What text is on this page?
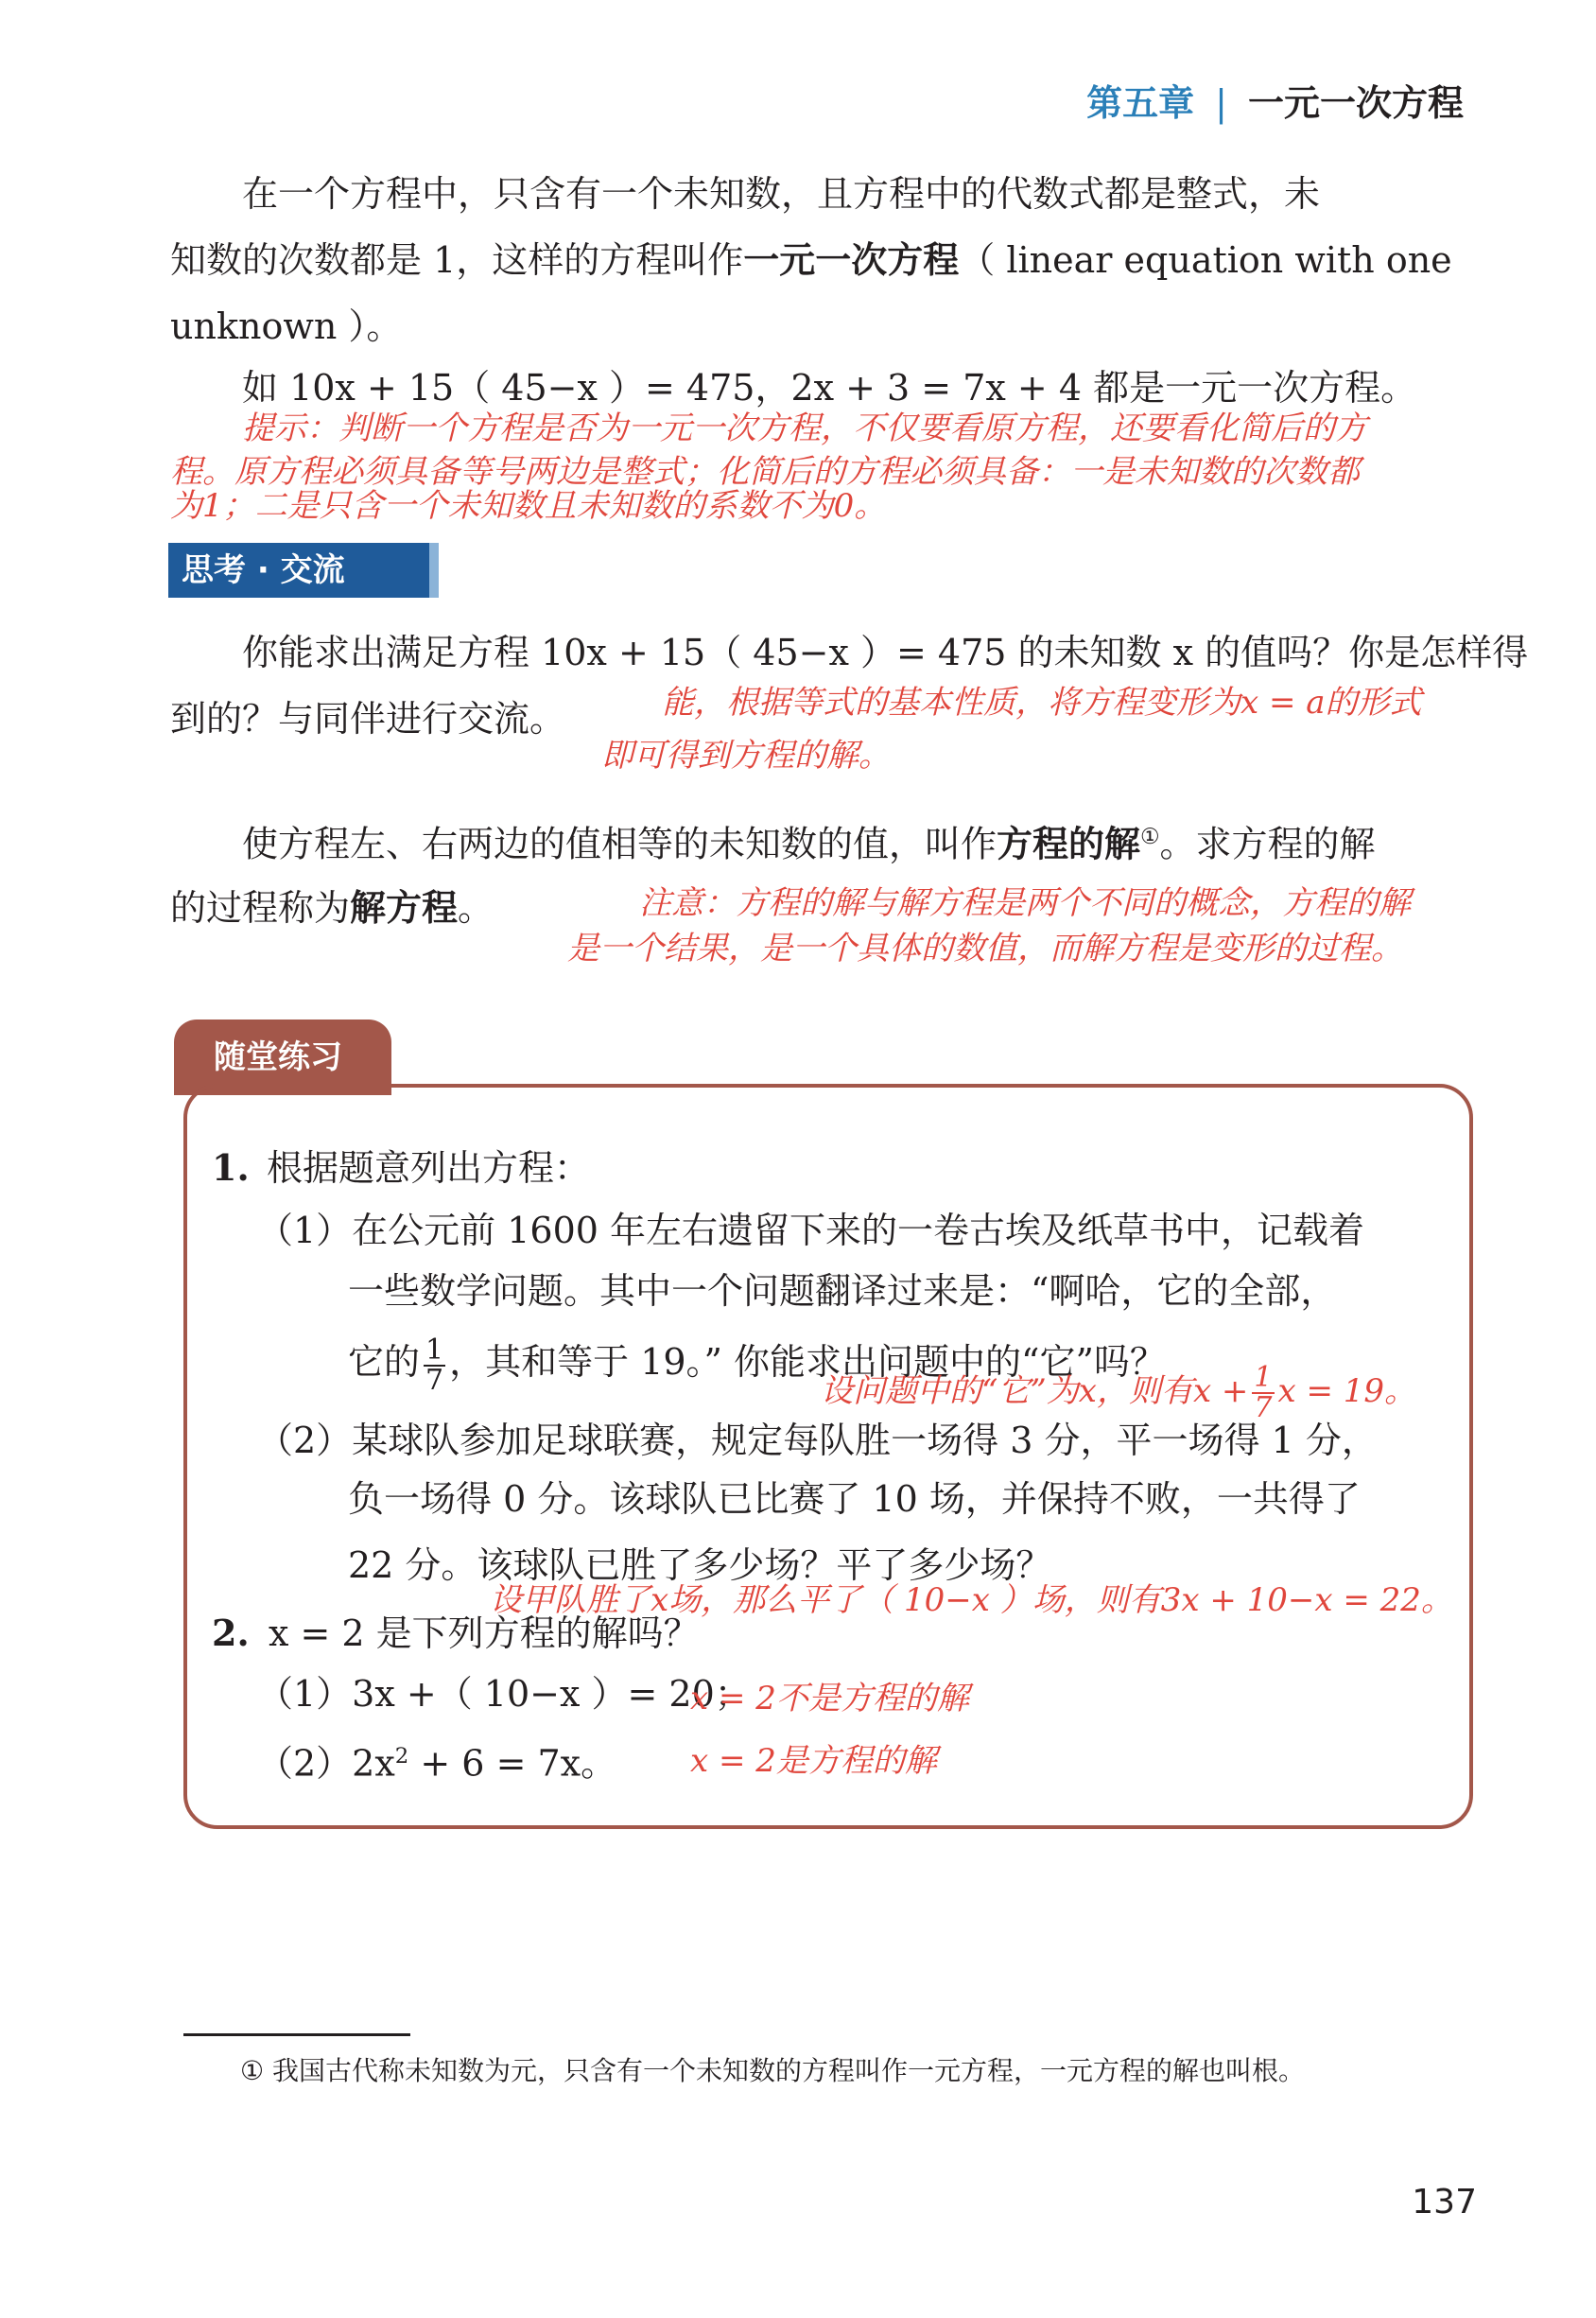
第五章 | 一元一次方程
在一个方程中，只含有一个未知数，且方程中的代数式都是整式，未
知数的次数都是 1，这样的方程叫作一元一次方程（ linear equation with one
unknown ）。
如 10x + 15（ 45−x ）= 475，2x + 3 = 7x + 4 都是一元一次方程。
提示：判断一个方程是否为一元一次方程，不仅要看原方程，还要看化简后的方
程。原方程必须具备等号两边是整式；化简后的方程必须具备：一是未知数的次数都
为1；二是只含一个未知数且未知数的系数不为0。
思考 · 交流
你能求出满足方程 10x + 15（ 45−x ）= 475 的未知数 x 的值吗？你是怎样得
到的？与同伴进行交流。	能，根据等式的基本性质，将方程变形为x = a的形式
即可得到方程的解。
使方程左、右两边的值相等的未知数的值，叫作方程的解①。求方程的解
的过程称为解方程。	注意：方程的解与解方程是两个不同的概念，方程的解
是一个结果，是一个具体的数值，而解方程是变形的过程。
随堂练习
1. 根据题意列出方程：
（1）在公元前 1600 年左右遗留下来的一卷古埃及纸草书中，记载着
一些数学问题。其中一个问题翻译过来是：“啊哈，它的全部，
它的 $\frac{1}{7}$ ，其和等于 19。” 你能求出问题中的“它”吗？
设问题中的“它”为x，则有$x + \frac{1}{7}$ x = 19。
（2）某球队参加足球联赛，规定每队胜一场得 3 分，平一场得 1 分，
负一场得 0 分。该球队已比赛了 10 场，并保持不败，一共得了
22 分。该球队已胜了多少场？平了多少场？
设甲队胜了x场，那么平了（ 10−x ）场，则有3x + 10−x = 22。
2. x = 2 是下列方程的解吗？
（1）3x +（ 10−x ）= 20；
x = 2不是方程的解
$(2)2x^2 + 6 = 7x$。 x = 2是方程的解
① 我国古代称未知数为元，只含有一个未知数的方程叫作一元方程，一元方程的解也叫根。
137
